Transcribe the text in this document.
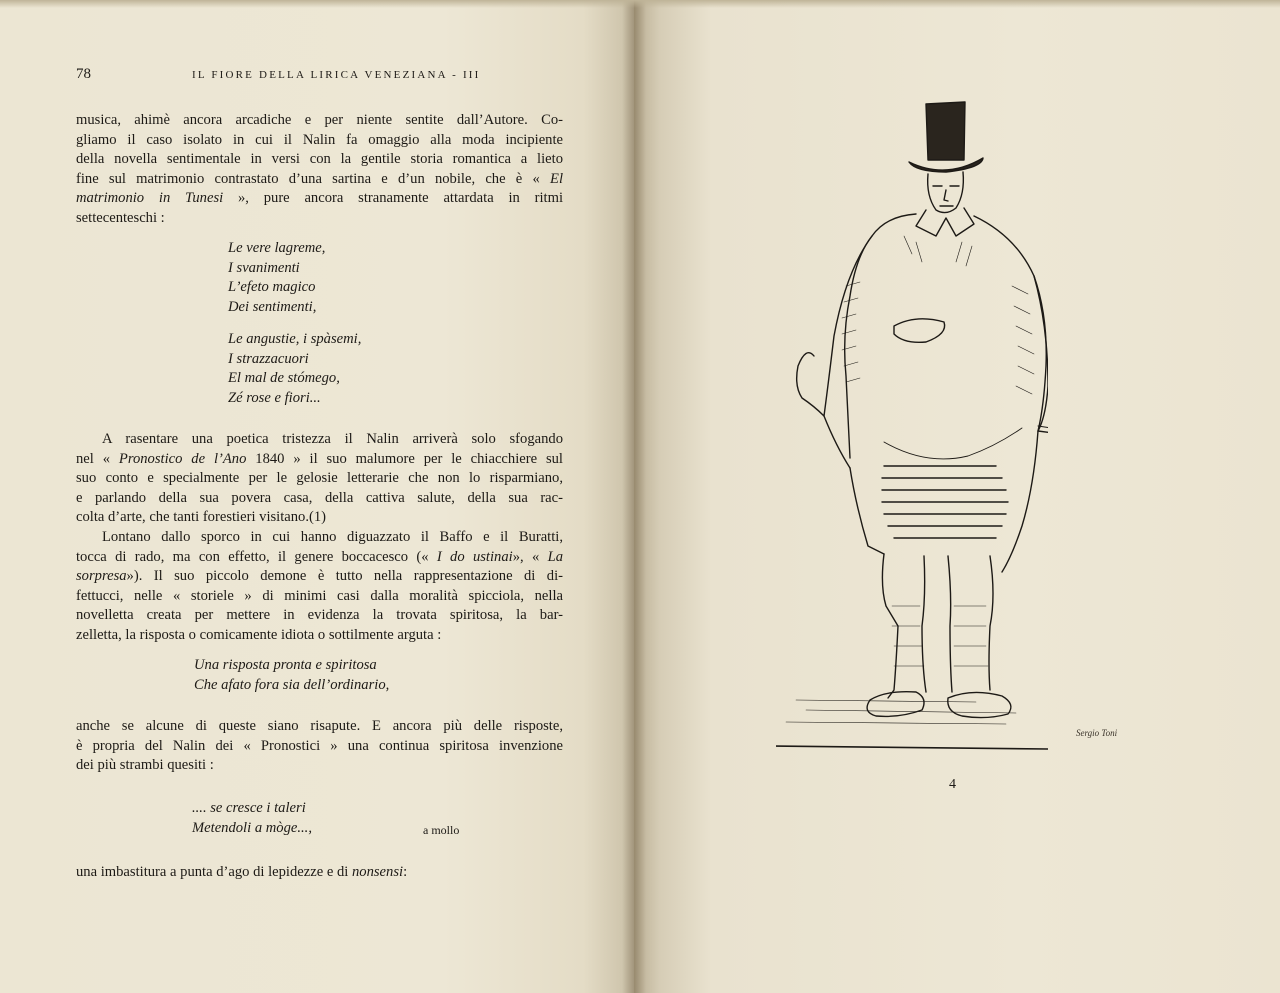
78	IL FIORE DELLA LIRICA VENEZIANA - III
musica, ahimè ancora arcadiche e per niente sentite dall’Autore. Co-
gliamo il caso isolato in cui il Nalin fa omaggio alla moda incipiente
della novella sentimentale in versi con la gentile storia romantica a lieto
fine sul matrimonio contrastato d’una sartina e d’un nobile, che è « El
matrimonio in Tunesi », pure ancora stranamente attardata in ritmi
settecenteschi :
Le vere lagreme,
I svanimenti
L’efeto magico
Dei sentimenti,
Le angustie, i spàsemi,
I strazzacuori
El mal de stómego,
Zé rose e fiori...
A rasentare una poetica tristezza il Nalin arriverà solo sfogando
nel « Pronostico de l’Ano 1840 » il suo malumore per le chiacchiere sul
suo conto e specialmente per le gelosie letterarie che non lo risparmiano,
e parlando della sua povera casa, della cattiva salute, della sua rac-
colta d’arte, che tanti forestieri visitano.(1)
Lontano dallo sporco in cui hanno diguazzato il Baffo e il Buratti,
tocca di rado, ma con effetto, il genere boccacesco (« I do ustinai», « La
sorpresa»). Il suo piccolo demone è tutto nella rappresentazione di di-
fettucci, nelle « storiele » di minimi casi dalla moralità spicciola, nella
novelletta creata per mettere in evidenza la trovata spiritosa, la bar-
zelletta, la risposta o comicamente idiota o sottilmente arguta :
Una risposta pronta e spiritosa
Che afato fora sia dell’ordinario,
anche se alcune di queste siano risapute. E ancora più delle risposte,
è propria del Nalin dei « Pronostici » una continua spiritosa invenzione
dei più strambi quesiti :
.... se cresce i taleri
Metendoli a mòge...,	a mollo
una imbastitura a punta d’ago di lepidezze e di nonsensi:
Sergio Toni
4
